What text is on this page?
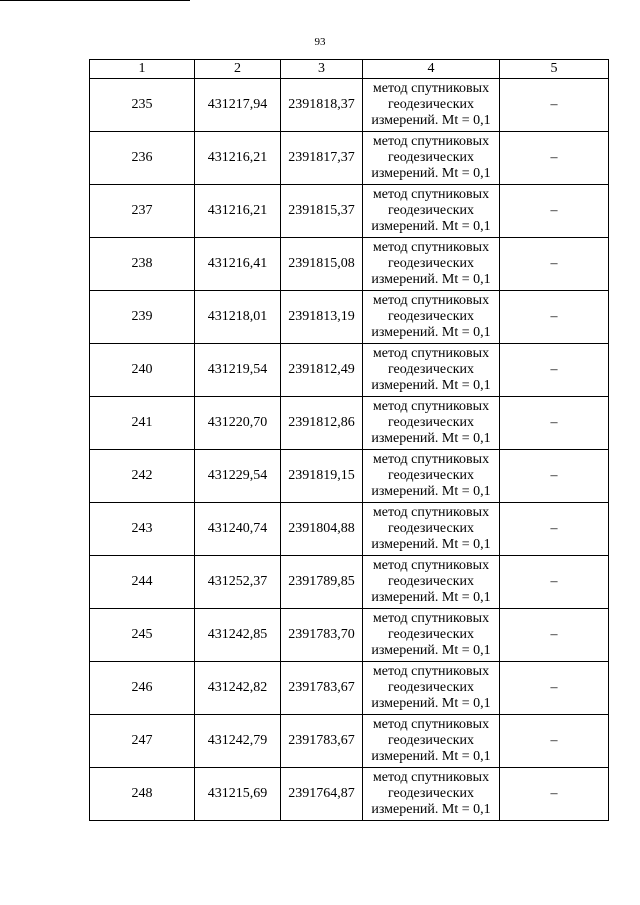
93
1	2	3	4	5
235	431217,94	2391818,37	метод спутниковых
геодезических
измерений. Mt = 0,1	–
236	431216,21	2391817,37	метод спутниковых
геодезических
измерений. Mt = 0,1	–
237	431216,21	2391815,37	метод спутниковых
геодезических
измерений. Mt = 0,1	–
238	431216,41	2391815,08	метод спутниковых
геодезических
измерений. Mt = 0,1	–
239	431218,01	2391813,19	метод спутниковых
геодезических
измерений. Mt = 0,1	–
240	431219,54	2391812,49	метод спутниковых
геодезических
измерений. Mt = 0,1	–
241	431220,70	2391812,86	метод спутниковых
геодезических
измерений. Mt = 0,1	–
242	431229,54	2391819,15	метод спутниковых
геодезических
измерений. Mt = 0,1	–
243	431240,74	2391804,88	метод спутниковых
геодезических
измерений. Mt = 0,1	–
244	431252,37	2391789,85	метод спутниковых
геодезических
измерений. Mt = 0,1	–
245	431242,85	2391783,70	метод спутниковых
геодезических
измерений. Mt = 0,1	–
246	431242,82	2391783,67	метод спутниковых
геодезических
измерений. Mt = 0,1	–
247	431242,79	2391783,67	метод спутниковых
геодезических
измерений. Mt = 0,1	–
248	431215,69	2391764,87	метод спутниковых
геодезических
измерений. Mt = 0,1	–
